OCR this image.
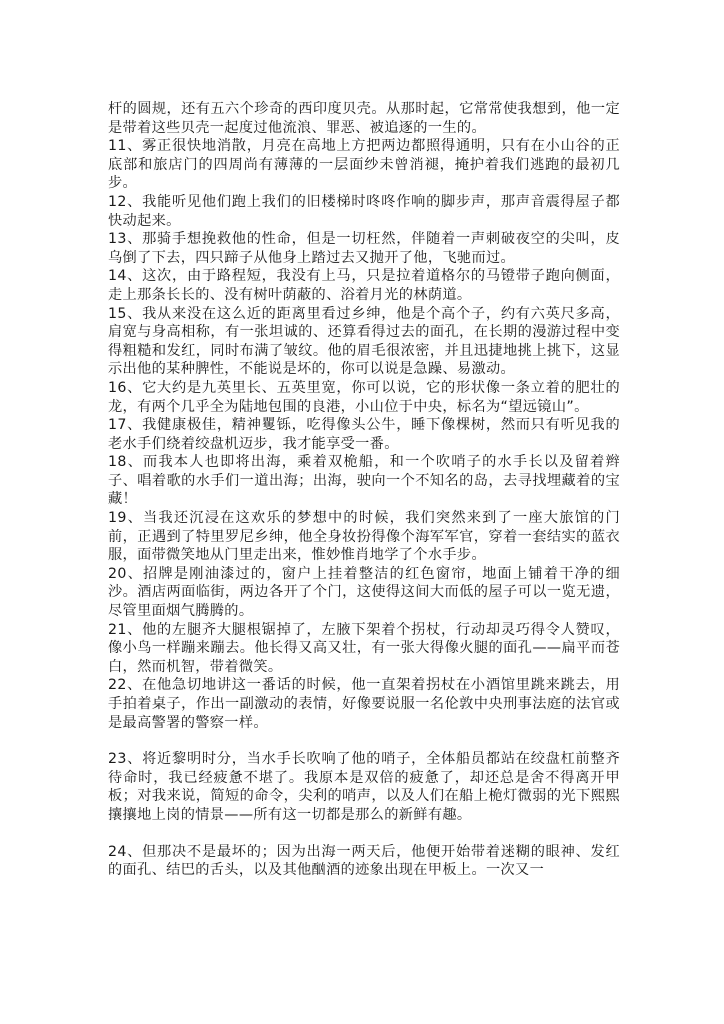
杆的圆规，还有五六个珍奇的西印度贝壳。从那时起，它常常使我想到，他一定是带着这些贝壳一起度过他流浪、罪恶、被追逐的一生的。

11、雾正很快地消散，月亮在高地上方把两边都照得通明，只有在小山谷的正底部和旅店门的四周尚有薄薄的一层面纱未曾消褪，掩护着我们逃跑的最初几步。

12、我能听见他们跑上我们的旧楼梯时咚咚作响的脚步声，那声音震得屋子都快动起来。

13、那骑手想挽救他的性命，但是一切枉然，伴随着一声刺破夜空的尖叫，皮乌倒了下去，四只蹄子从他身上踏过去又抛开了他，飞驰而过。

14、这次，由于路程短，我没有上马，只是拉着道格尔的马镫带子跑向侧面，走上那条长长的、没有树叶荫蔽的、浴着月光的林荫道。

15、我从来没在这么近的距离里看过乡绅，他是个高个子，约有六英尺多高，肩宽与身高相称，有一张坦诚的、还算看得过去的面孔，在长期的漫游过程中变得粗糙和发红，同时布满了皱纹。他的眉毛很浓密，并且迅捷地挑上挑下，这显示出他的某种脾性，不能说是坏的，你可以说是急躁、易激动。

16、它大约是九英里长、五英里宽，你可以说，它的形状像一条立着的肥壮的龙，有两个几乎全为陆地包围的良港，小山位于中央，标名为“望远镜山”。

17、我健康极佳，精神矍铄，吃得像头公牛，睡下像棵树，然而只有听见我的老水手们绕着绞盘机迈步，我才能享受一番。

18、而我本人也即将出海，乘着双桅船，和一个吹哨子的水手长以及留着辫子、唱着歌的水手们一道出海；出海，驶向一个不知名的岛，去寻找埋藏着的宝藏！

19、当我还沉浸在这欢乐的梦想中的时候，我们突然来到了一座大旅馆的门前，正遇到了特里罗尼乡绅，他全身妆扮得像个海军军官，穿着一套结实的蓝衣服，面带微笑地从门里走出来，惟妙惟肖地学了个水手步。

20、招牌是刚油漆过的，窗户上挂着整洁的红色窗帘，地面上铺着干净的细沙。酒店两面临街，两边各开了个门，这使得这间大而低的屋子可以一览无遗，尽管里面烟气腾腾的。

21、他的左腿齐大腿根锯掉了，左腋下架着个拐杖，行动却灵巧得令人赞叹，像小鸟一样蹦来蹦去。他长得又高又壮，有一张大得像火腿的面孔——扁平而苍白，然而机智，带着微笑。

22、在他急切地讲这一番话的时候，他一直架着拐杖在小酒馆里跳来跳去，用手拍着桌子，作出一副激动的表情，好像要说服一名伦敦中央刑事法庭的法官或是最高警署的警察一样。

23、将近黎明时分，当水手长吹响了他的哨子，全体船员都站在绞盘杠前整齐待命时，我已经疲惫不堪了。我原本是双倍的疲惫了，却还总是舍不得离开甲板；对我来说，简短的命令，尖利的哨声，以及人们在船上桅灯微弱的光下熙熙攘攘地上岗的情景——所有这一切都是那么的新鲜有趣。

24、但那决不是最坏的；因为出海一两天后，他便开始带着迷糊的眼神、发红的面孔、结巴的舌头，以及其他酗酒的迹象出现在甲板上。一次又一
